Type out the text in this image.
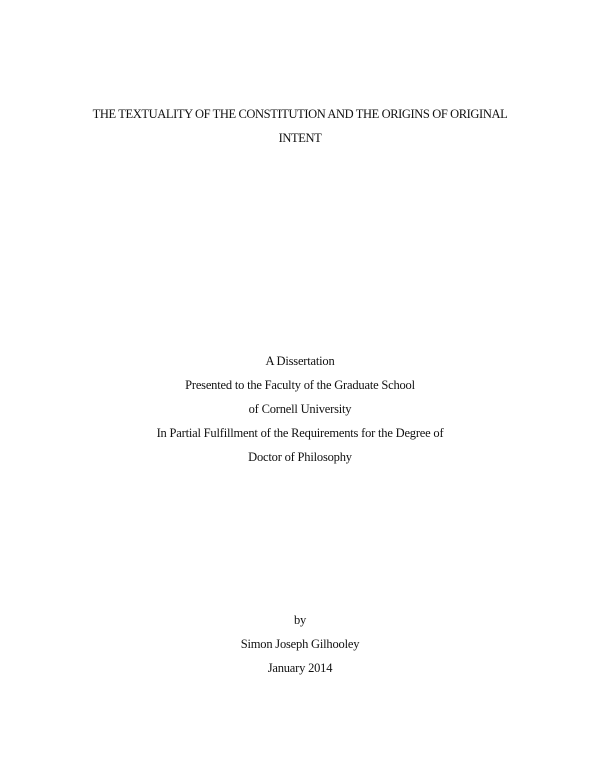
THE TEXTUALITY OF THE CONSTITUTION AND THE ORIGINS OF ORIGINAL
INTENT
A Dissertation
Presented to the Faculty of the Graduate School
of Cornell University
In Partial Fulfillment of the Requirements for the Degree of
Doctor of Philosophy
by
Simon Joseph Gilhooley
January 2014
